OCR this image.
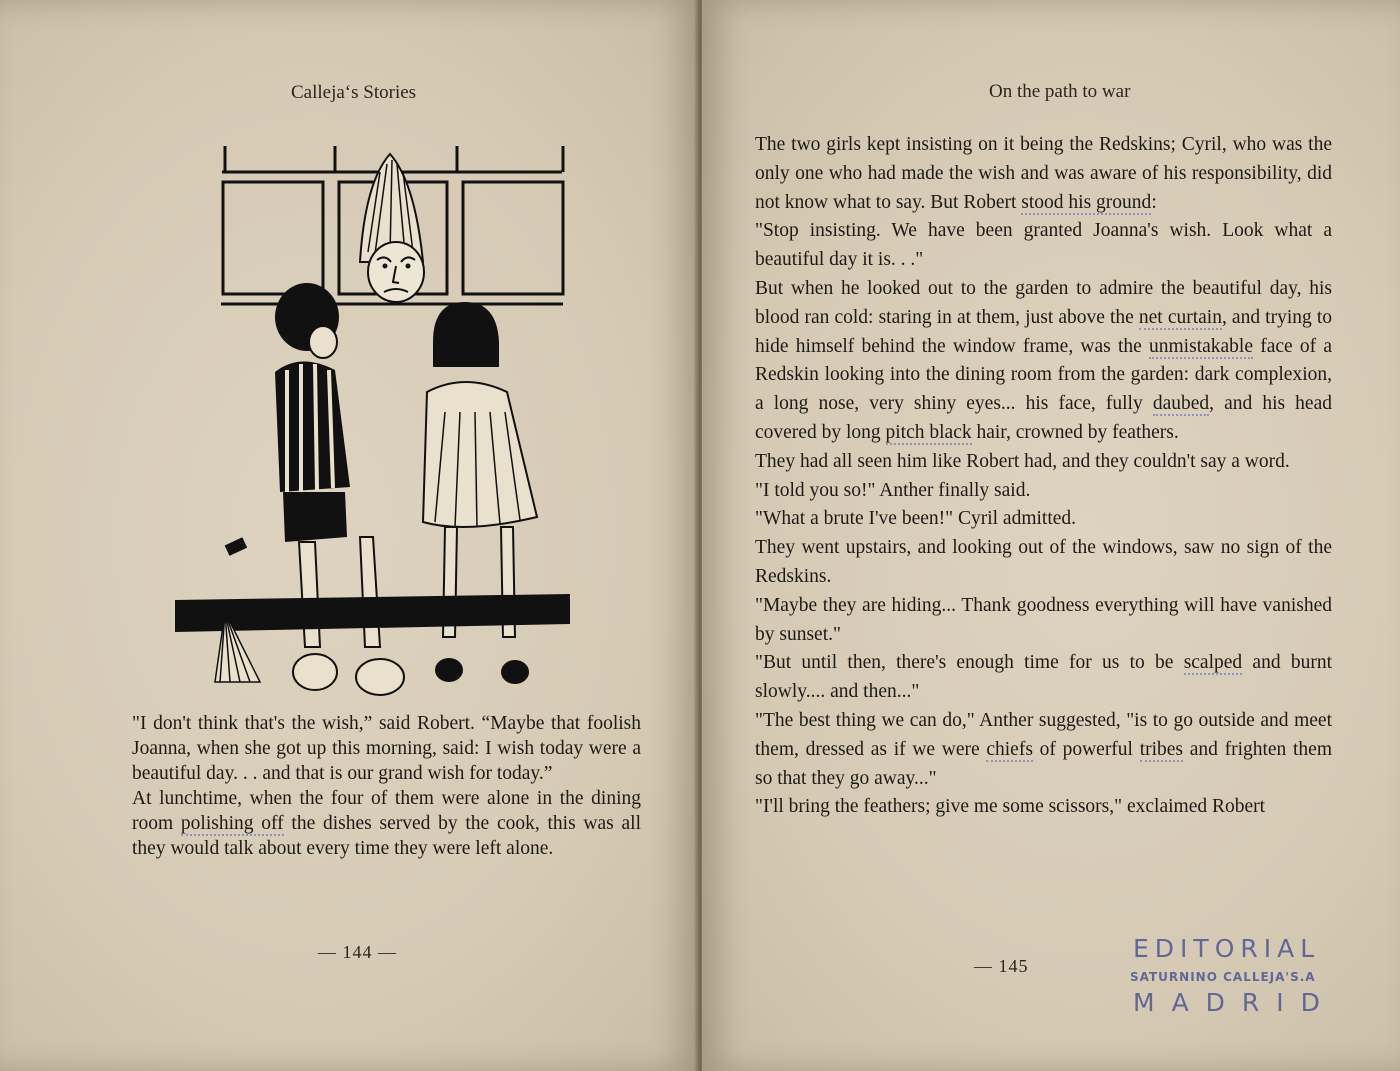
Calleja‘s Stories

"I don't think that's the wish,” said Robert. “Maybe that foolish Joanna, when she got up this morning, said: I wish today were a beautiful day. . . and that is our grand wish for today.”

At lunchtime, when the four of them were alone in the dining room polishing off the dishes served by the cook, this was all they would talk about every time they were left alone.

— 144 —
On the path to war

The two girls kept insisting on it being the Redskins; Cyril, who was the only one who had made the wish and was aware of his responsibility, did not know what to say. But Robert stood his ground:

"Stop insisting. We have been granted Joanna's wish. Look what a beautiful day it is. . ."

But when he looked out to the garden to admire the beautiful day, his blood ran cold: staring in at them, just above the net curtain, and trying to hide himself behind the window frame, was the unmistakable face of a Redskin looking into the dining room from the garden: dark complexion, a long nose, very shiny eyes... his face, fully daubed, and his head covered by long pitch black hair, crowned by feathers.

They had all seen him like Robert had, and they couldn't say a word.

"I told you so!" Anther finally said.

"What a brute I've been!" Cyril admitted.

They went upstairs, and looking out of the windows, saw no sign of the Redskins.

"Maybe they are hiding... Thank goodness everything will have vanished by sunset."

"But until then, there's enough time for us to be scalped and burnt slowly.... and then..."

"The best thing we can do," Anther suggested, "is to go outside and meet them, dressed as if we were chiefs of powerful tribes and frighten them so that they go away..."

"I'll bring the feathers; give me some scissors," exclaimed Robert

— 145
EDITORIAL
SATURNINO CALLEJA'S.A
MADRID
